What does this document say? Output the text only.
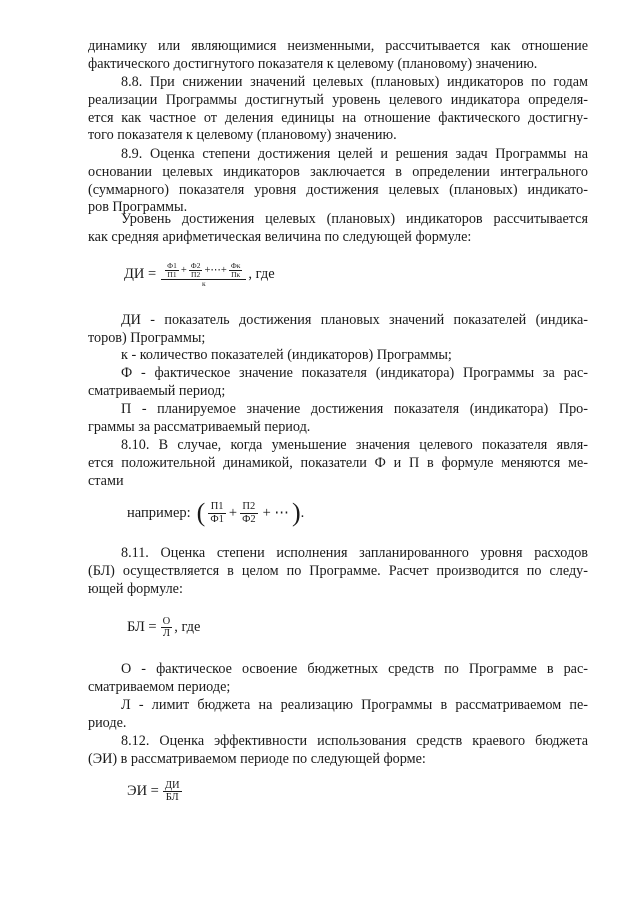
динамику или являющимися неизменными, рассчитывается как отношение
фактического достигнутого показателя к целевому (плановому) значению.
8.8. При снижении значений целевых (плановых) индикаторов по годам
реализации Программы достигнутый уровень целевого индикатора определя-
ется как частное от деления единицы на отношение фактического достигну-
того показателя к целевому (плановому) значению.
8.9. Оценка степени достижения целей и решения задач Программы на
основании целевых индикаторов заключается в определении интегрального
(суммарного) показателя уровня достижения целевых (плановых) индикато-
ров Программы.
Уровень достижения целевых (плановых) индикаторов рассчитывается
как средняя арифметическая величина по следующей формуле:
ДИ = $\frac{Ф1}{П1} + \frac{Ф2}{П2}$ +⋯+ $\frac{Фк}{Пк}$
к
, где
ДИ - показатель достижения плановых значений показателей (индика-
торов) Программы;
к - количество показателей (индикаторов) Программы;
Ф - фактическое значение показателя (индикатора) Программы за рас-
сматриваемый период;
П - планируемое значение достижения показателя (индикатора) Про-
граммы за рассматриваемый период.
8.10. В случае, когда уменьшение значения целевого показателя явля-
ется положительной динамикой, показатели Ф и П в формуле меняются ме-
стами
например: ( $\frac{П1}{Ф1} + \frac{П2}{Ф2}$ + ⋯ ) .
8.11. Оценка степени исполнения запланированного уровня расходов
(БЛ) осуществляется в целом по Программе. Расчет производится по следу-
ющей формуле:
БЛ = $\frac{О}{Л}$ , где
О - фактическое освоение бюджетных средств по Программе в рас-
сматриваемом периоде;
Л - лимит бюджета на реализацию Программы в рассматриваемом пе-
риоде.
8.12. Оценка эффективности использования средств краевого бюджета
(ЭИ) в рассматриваемом периоде по следующей форме:
ЭИ = $\frac{ДИ}{БЛ}$
